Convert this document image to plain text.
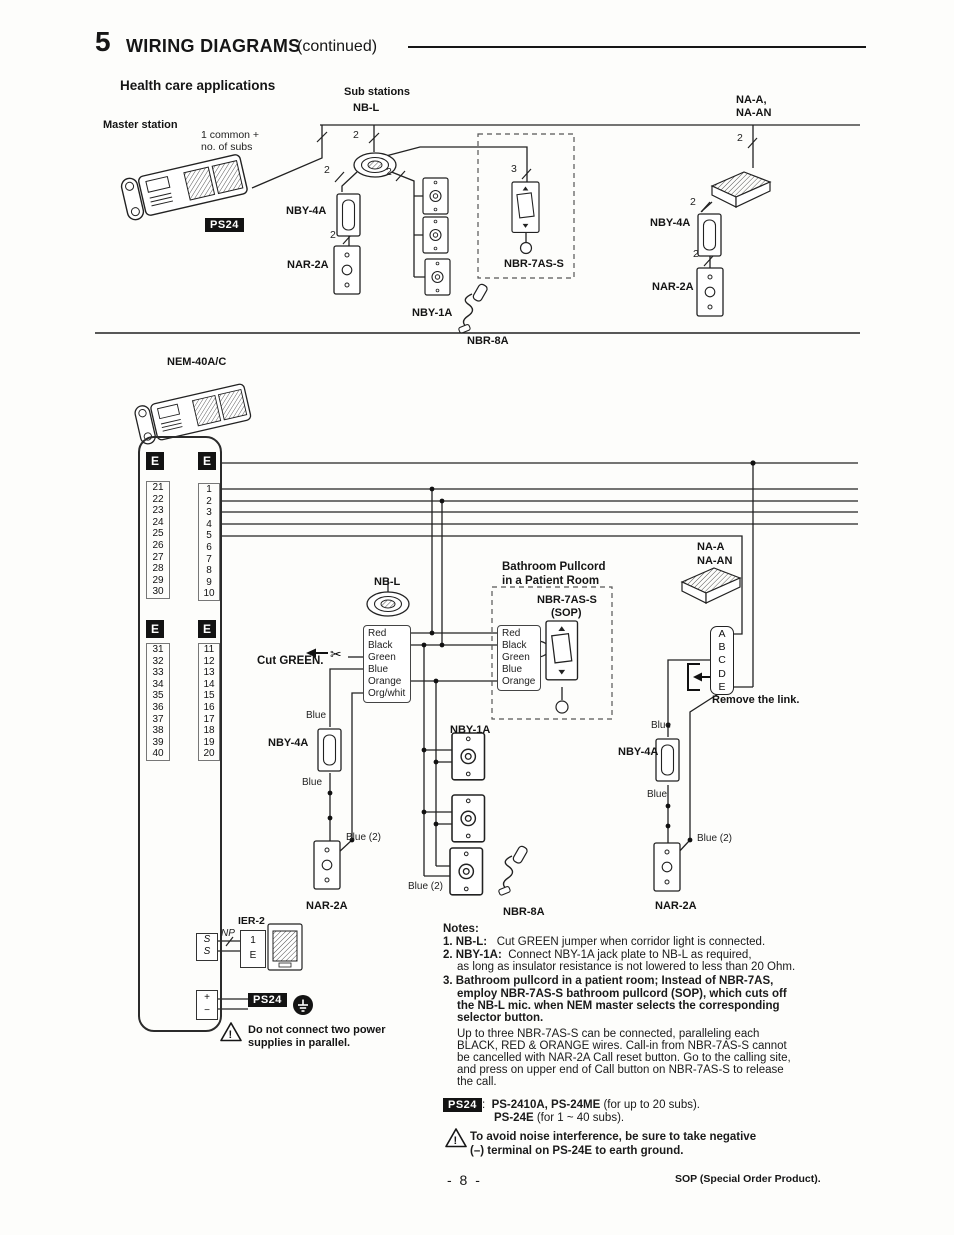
✂
!
!
5 WIRING DIAGRAMS
(continued)
Health care applications	Sub stations
NB-L
Master station
NA-A,
NA-AN
1 common +
no. of subs
PS24
NBY-4A
NAR-2A
NBY-1A
NBR-8A
NBR-7AS-S
NBY-4A
NAR-2A
2
2
2
2
2
2
2
3
NEM-40A/C
E	E
21
22
23
24
25
26
27
28
29
30
1
2
3
4
5
6
7
8
9
10
E	E
31
32
33
34
35
36
37
38
39
40
11
12
13
14
15
16
17
18
19
20
NB-L
Red
Black
Green
Blue
Orange
Org/whit
Cut GREEN.
Bathroom Pullcord
in a Patient Room
NBR-7AS-S
(SOP)
Red
Black
Green
Blue
Orange
NA-A
NA-AN
A
B
C
D
E
Remove the link.
Blue
Blue
Blue (2)
NBY-4A
NAR-2A
NBY-1A
Blue (2)
NBR-8A
Blue
Blue
Blue (2)
NBY-4A
NAR-2A
S
S
NP
IER-2
1
E
+
−
PS24
Do not connect two power
supplies in parallel.
Notes:
1. NB-L: Cut GREEN jumper when corridor light is connected.
2. NBY-1A: Connect NBY-1A jack plate to NB-L as required,
as long as insulator resistance is not lowered to less than 20 Ohm.
3. Bathroom pullcord in a patient room; Instead of NBR-7AS,
employ NBR-7AS-S bathroom pullcord (SOP), which cuts off
the NB-L mic. when NEM master selects the corresponding
selector button.
Up to three NBR-7AS-S can be connected, paralleling each
BLACK, RED & ORANGE wires. Call-in from NBR-7AS-S cannot
be cancelled with NAR-2A Call reset button. Go to the calling site,
and press on upper end of Call button on NBR-7AS-S to release
the call.
PS24 : PS-2410A, PS-24ME (for up to 20 subs).
PS-24E (for 1 ~ 40 subs).
To avoid noise interference, be sure to take negative
(–) terminal on PS-24E to earth ground.
- 8 -	SOP (Special Order Product).
